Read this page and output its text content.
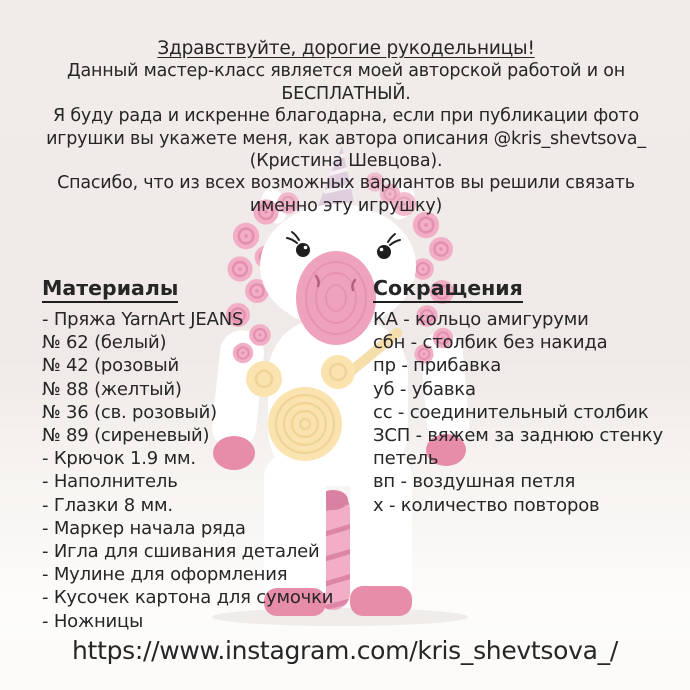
Здравствуйте, дорогие рукодельницы!
Данный мастер-класс является моей авторской работой и он
БЕСПЛАТНЫЙ.
Я буду рада и искренне благодарна, если при публикации фото
игрушки вы укажете меня, как автора описания @kris_shevtsova_
(Кристина Шевцова).
Спасибо, что из всех возможных вариантов вы решили связать
именно эту игрушку)
Материалы
- Пряжа YarnArt JEANS
№ 62 (белый)
№ 42 (розовый
№ 88 (желтый)
№ 36 (св. розовый)
№ 89 (сиреневый)
- Крючок 1.9 мм.
- Наполнитель
- Глазки 8 мм.
- Маркер начала ряда
- Игла для сшивания деталей
- Мулине для оформления
- Кусочек картона для сумочки
- Ножницы
Сокращения
КА - кольцо амигуруми
сбн - столбик без накида
пр - прибавка
уб - убавка
сс - соединительный столбик
ЗСП - вяжем за заднюю стенку
петель
вп - воздушная петля
х - количество повторов
https://www.instagram.com/kris_shevtsova_/
